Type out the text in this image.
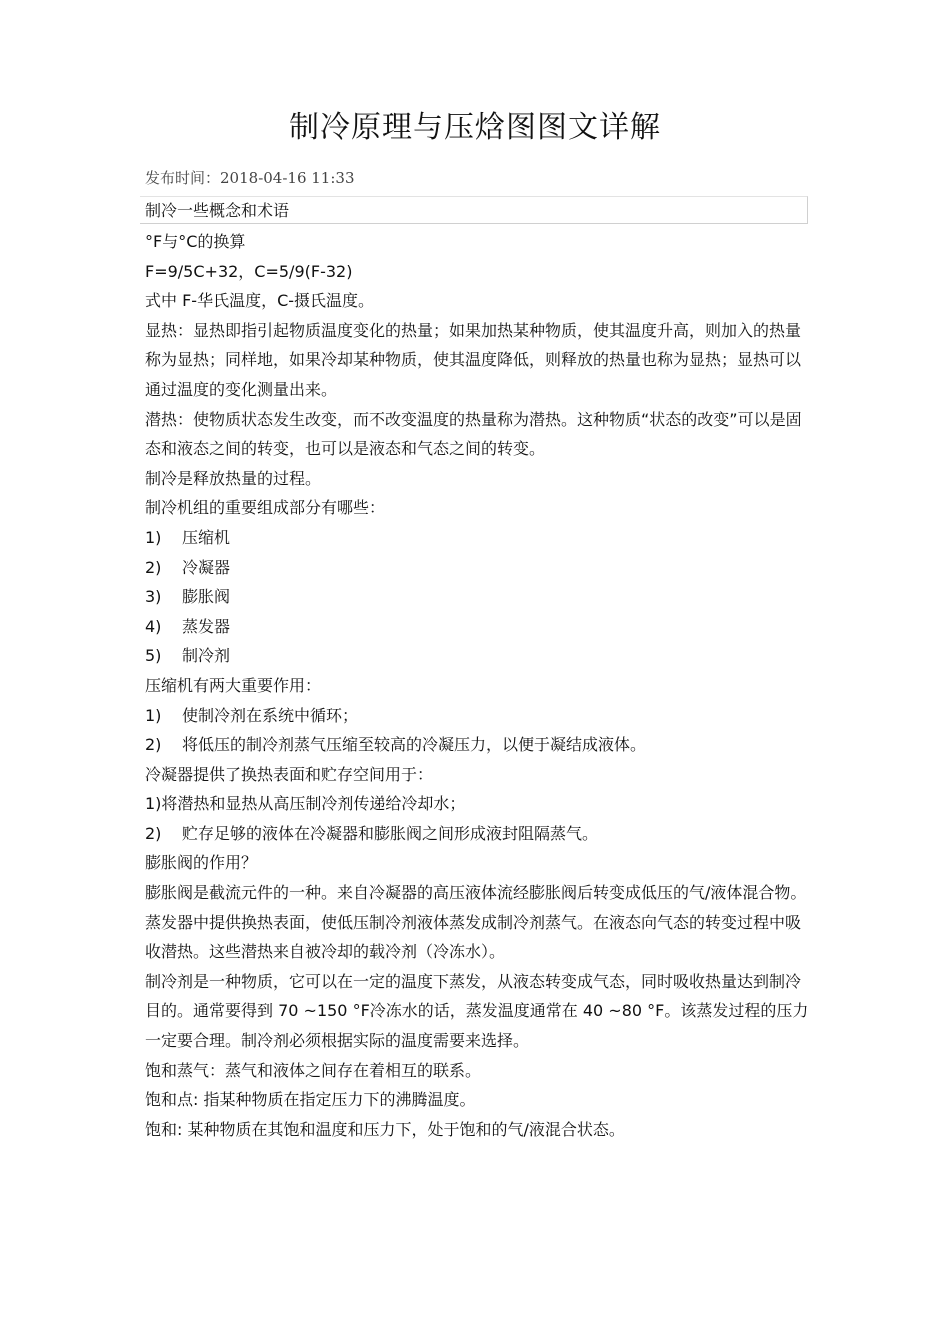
制冷原理与压焓图图文详解
发布时间：2018-04-16 11:33
制冷一些概念和术语

°F与°C的换算

F=9/5C+32，C=5/9(F-32)

式中 F-华氏温度，C-摄氏温度。

显热：显热即指引起物质温度变化的热量；如果加热某种物质，使其温度升高，则加入的热量称为显热；同样地，如果冷却某种物质，使其温度降低，则释放的热量也称为显热；显热可以通过温度的变化测量出来。

潜热：使物质状态发生改变，而不改变温度的热量称为潜热。这种物质“状态的改变”可以是固态和液态之间的转变，也可以是液态和气态之间的转变。

制冷是释放热量的过程。

制冷机组的重要组成部分有哪些：

1) 压缩机

2) 冷凝器

3) 膨胀阀

4) 蒸发器

5) 制冷剂

压缩机有两大重要作用：

1) 使制冷剂在系统中循环；

2) 将低压的制冷剂蒸气压缩至较高的冷凝压力，以便于凝结成液体。

冷凝器提供了换热表面和贮存空间用于：

1)将潜热和显热从高压制冷剂传递给冷却水；

2) 贮存足够的液体在冷凝器和膨胀阀之间形成液封阻隔蒸气。

膨胀阀的作用？

膨胀阀是截流元件的一种。来自冷凝器的高压液体流经膨胀阀后转变成低压的气/液体混合物。

蒸发器中提供换热表面，使低压制冷剂液体蒸发成制冷剂蒸气。在液态向气态的转变过程中吸收潜热。这些潜热来自被冷却的载冷剂（冷冻水）。

制冷剂是一种物质，它可以在一定的温度下蒸发，从液态转变成气态，同时吸收热量达到制冷目的。通常要得到 70 ~150 °F冷冻水的话，蒸发温度通常在 40 ~80 °F。该蒸发过程的压力一定要合理。制冷剂必须根据实际的温度需要来选择。

饱和蒸气：蒸气和液体之间存在着相互的联系。

饱和点: 指某种物质在指定压力下的沸腾温度。

饱和: 某种物质在其饱和温度和压力下，处于饱和的气/液混合状态。
